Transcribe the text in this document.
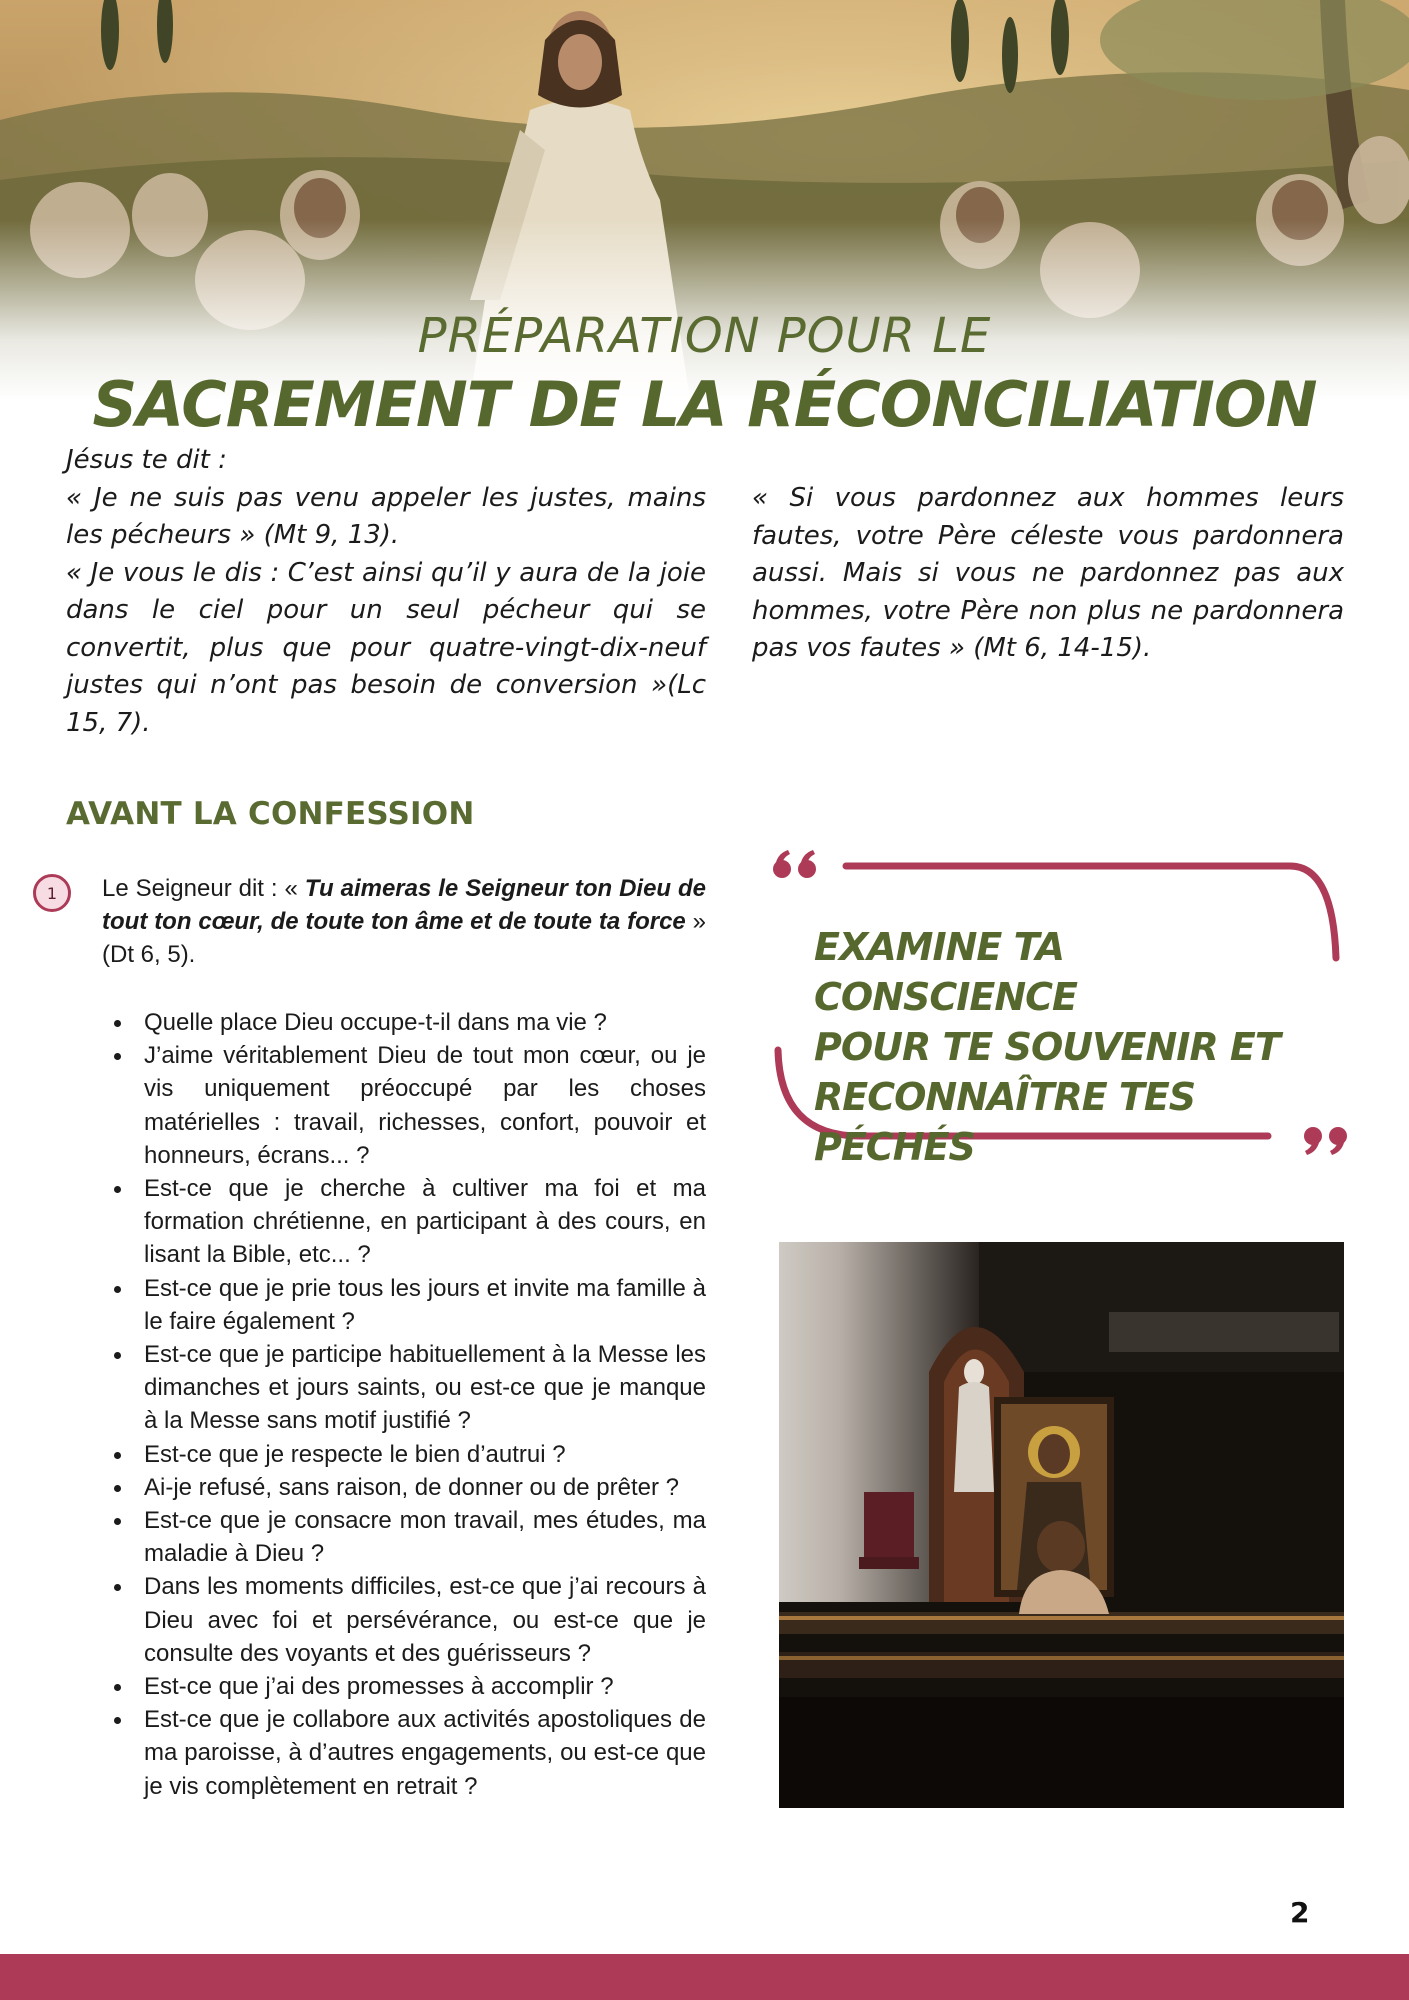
PRÉPARATION POUR LE
SACREMENT DE LA RÉCONCILIATION

Jésus te dit :

« Je ne suis pas venu appeler les justes, mains les pécheurs » (Mt 9, 13).

« Je vous le dis : C’est ainsi qu’il y aura de la joie dans le ciel pour un seul pécheur qui se convertit, plus que pour quatre-vingt-dix-neuf justes qui n’ont pas besoin de conversion »(Lc 15, 7).

« Si vous pardonnez aux hommes leurs fautes, votre Père céleste vous pardonnera aussi. Mais si vous ne pardonnez pas aux hommes, votre Père non plus ne pardonnera pas vos fautes » (Mt 6, 14-15).
AVANT LA CONFESSION
1	Le Seigneur dit : « Tu aimeras le Seigneur ton Dieu de tout ton cœur, de toute ton âme et de toute ta force » (Dt 6, 5).
Quelle place Dieu occupe-t-il dans ma vie ?
J’aime véritablement Dieu de tout mon cœur, ou je vis uniquement préoccupé par les choses matérielles : travail, richesses, confort, pouvoir et honneurs, écrans... ?
Est-ce que je cherche à cultiver ma foi et ma formation chrétienne, en participant à des cours, en lisant la Bible, etc... ?
Est-ce que je prie tous les jours et invite ma famille à le faire également ?
Est-ce que je participe habituellement à la Messe les dimanches et jours saints, ou est-ce que je manque à la Messe sans motif justifié ?
Est-ce que je respecte le bien d’autrui ?
Ai-je refusé, sans raison, de donner ou de prêter ?
Est-ce que je consacre mon travail, mes études, ma maladie à Dieu ?
Dans les moments difficiles, est-ce que j’ai recours à Dieu avec foi et persévérance, ou est-ce que je consulte des voyants et des guérisseurs ?
Est-ce que j’ai des promesses à accomplir ?
Est-ce que je collabore aux activités apostoliques de ma paroisse, à d’autres engagements, ou est-ce que je vis complètement en retrait ?
EXAMINE TA CONSCIENCE
POUR TE SOUVENIR ET
RECONNAÎTRE TES PÉCHÉS
2
